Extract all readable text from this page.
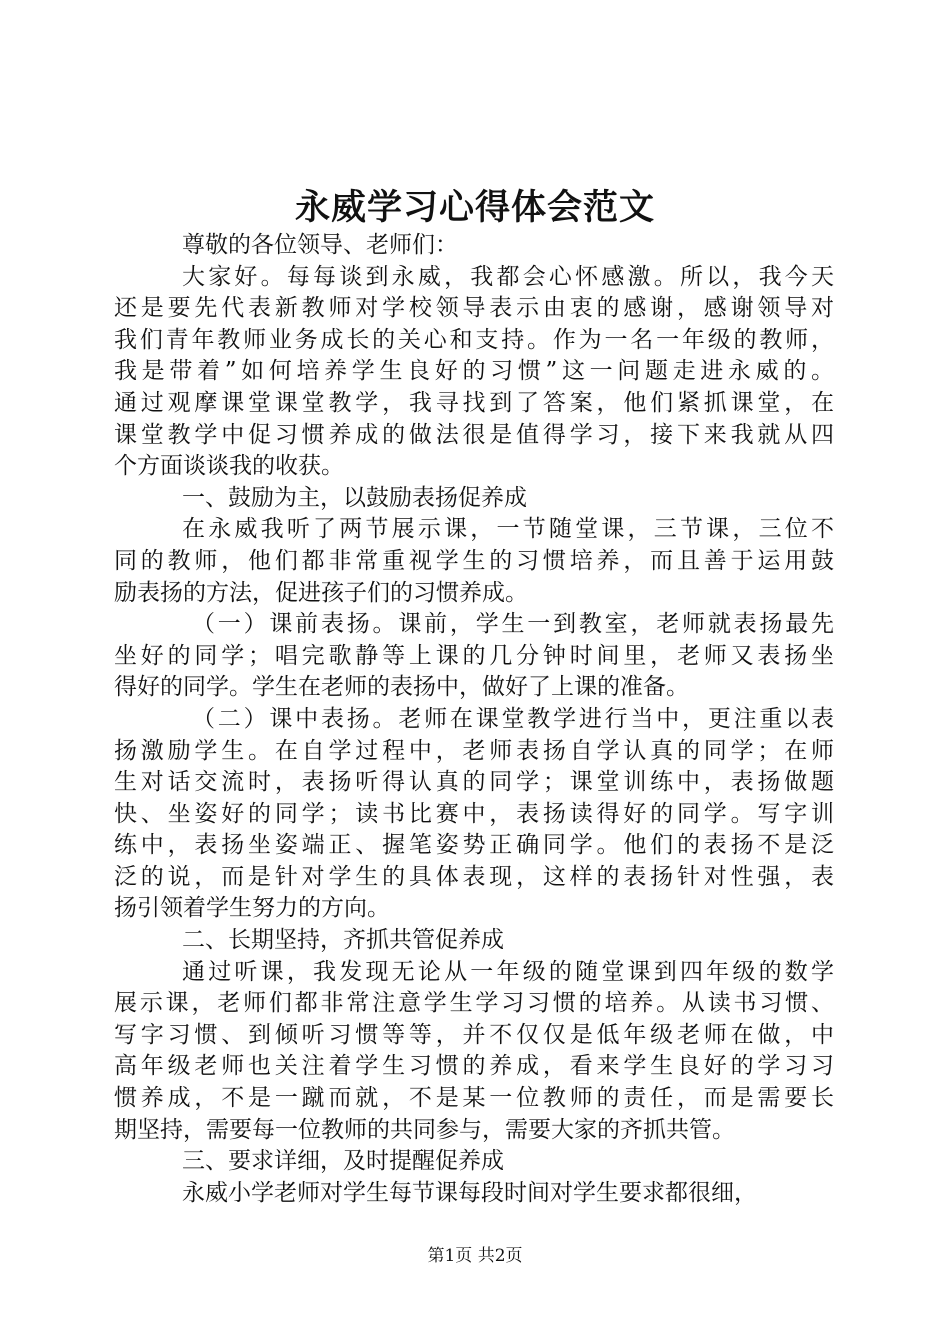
永威学习心得体会范文

尊敬的各位领导、老师们：

大家好。每每谈到永威，我都会心怀感激。所以，我今天

还是要先代表新教师对学校领导表示由衷的感谢，感谢领导对

我们青年教师业务成长的关心和支持。作为一名一年级的教师，

我是带着”如何培养学生良好的习惯”这一问题走进永威的。

通过观摩课堂课堂教学，我寻找到了答案，他们紧抓课堂，在

课堂教学中促习惯养成的做法很是值得学习，接下来我就从四

个方面谈谈我的收获。

一、鼓励为主，以鼓励表扬促养成

在永威我听了两节展示课，一节随堂课，三节课，三位不

同的教师，他们都非常重视学生的习惯培养，而且善于运用鼓

励表扬的方法，促进孩子们的习惯养成。

（一）课前表扬。课前，学生一到教室，老师就表扬最先

坐好的同学；唱完歌静等上课的几分钟时间里，老师又表扬坐

得好的同学。学生在老师的表扬中，做好了上课的准备。

（二）课中表扬。老师在课堂教学进行当中，更注重以表

扬激励学生。在自学过程中，老师表扬自学认真的同学；在师

生对话交流时，表扬听得认真的同学；课堂训练中，表扬做题

快、坐姿好的同学；读书比赛中，表扬读得好的同学。写字训

练中，表扬坐姿端正、握笔姿势正确同学。他们的表扬不是泛

泛的说，而是针对学生的具体表现，这样的表扬针对性强，表

扬引领着学生努力的方向。

二、长期坚持，齐抓共管促养成

通过听课，我发现无论从一年级的随堂课到四年级的数学

展示课，老师们都非常注意学生学习习惯的培养。从读书习惯、

写字习惯、到倾听习惯等等，并不仅仅是低年级老师在做，中

高年级老师也关注着学生习惯的养成，看来学生良好的学习习

惯养成，不是一蹴而就，不是某一位教师的责任，而是需要长

期坚持，需要每一位教师的共同参与，需要大家的齐抓共管。

三、要求详细，及时提醒促养成

永威小学老师对学生每节课每段时间对学生要求都很细，

第1页 共2页
